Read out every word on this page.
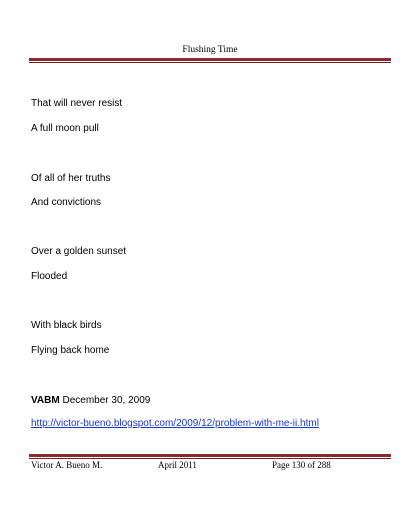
Flushing Time
That will never resist
A full moon pull
Of all of her truths
And convictions
Over a golden sunset
Flooded
With black birds
Flying back home
VABM December 30, 2009
http://victor-bueno.blogspot.com/2009/12/problem-with-me-ii.html
Victor A. Bueno M.	April 2011	Page 130 of 288
